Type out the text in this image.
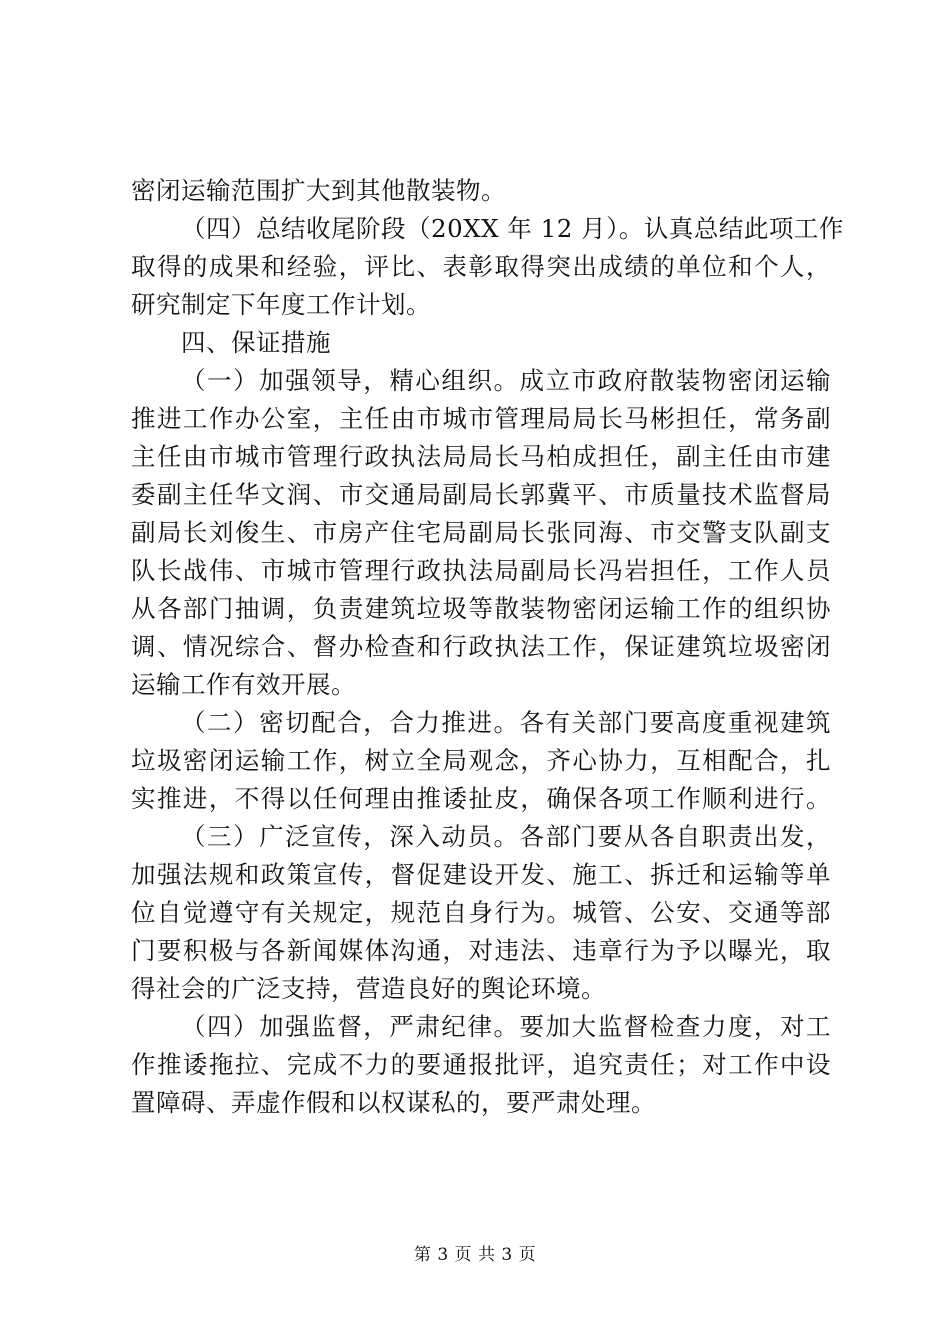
密闭运输范围扩大到其他散装物。
（四）总结收尾阶段（20XX 年 12 月）。认真总结此项工作
取得的成果和经验，评比、表彰取得突出成绩的单位和个人，
研究制定下年度工作计划。
四、保证措施
（一）加强领导，精心组织。成立市政府散装物密闭运输
推进工作办公室，主任由市城市管理局局长马彬担任，常务副
主任由市城市管理行政执法局局长马柏成担任，副主任由市建
委副主任华文润、市交通局副局长郭冀平、市质量技术监督局
副局长刘俊生、市房产住宅局副局长张同海、市交警支队副支
队长战伟、市城市管理行政执法局副局长冯岩担任，工作人员
从各部门抽调，负责建筑垃圾等散装物密闭运输工作的组织协
调、情况综合、督办检查和行政执法工作，保证建筑垃圾密闭
运输工作有效开展。
（二）密切配合，合力推进。各有关部门要高度重视建筑
垃圾密闭运输工作，树立全局观念，齐心协力，互相配合，扎
实推进，不得以任何理由推诿扯皮，确保各项工作顺利进行。
（三）广泛宣传，深入动员。各部门要从各自职责出发，
加强法规和政策宣传，督促建设开发、施工、拆迁和运输等单
位自觉遵守有关规定，规范自身行为。城管、公安、交通等部
门要积极与各新闻媒体沟通，对违法、违章行为予以曝光，取
得社会的广泛支持，营造良好的舆论环境。
（四）加强监督，严肃纪律。要加大监督检查力度，对工
作推诿拖拉、完成不力的要通报批评，追究责任；对工作中设
置障碍、弄虚作假和以权谋私的，要严肃处理。
第 3 页 共 3 页
